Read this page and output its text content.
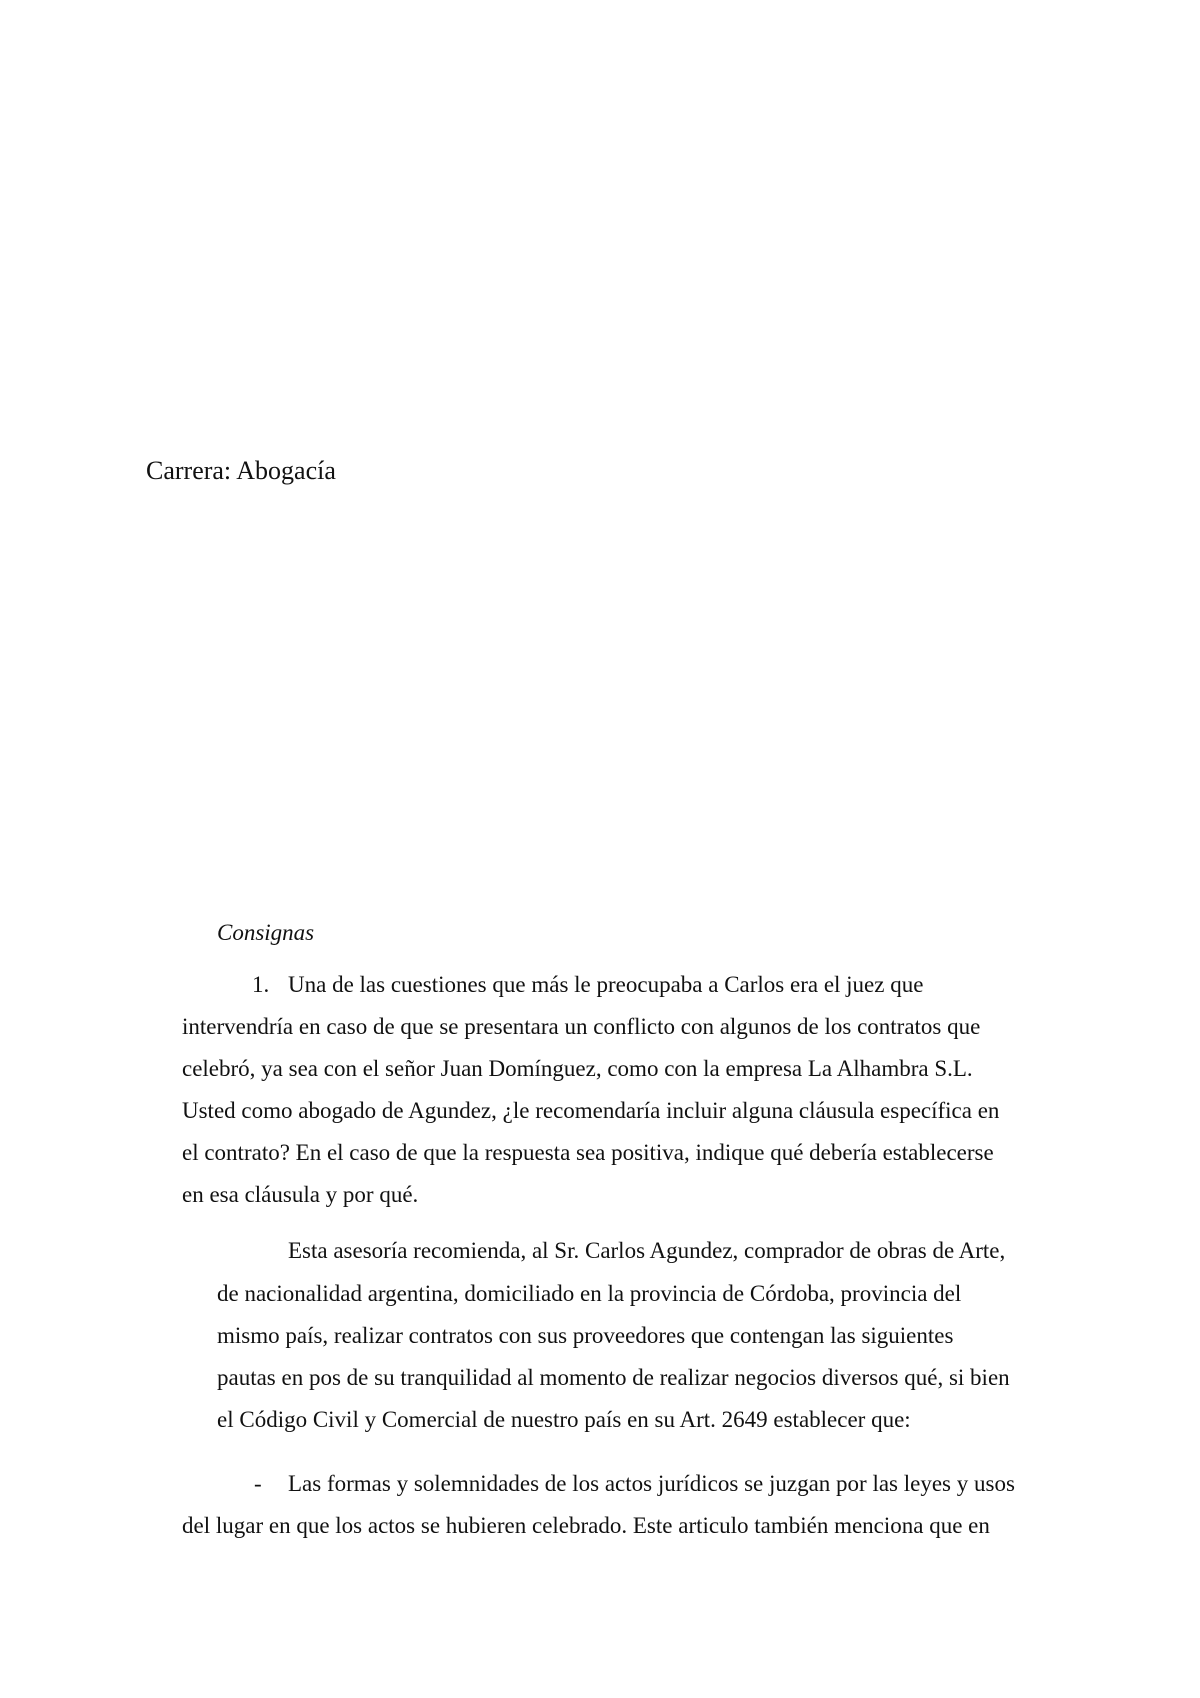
Carrera: Abogacía
Consignas
1. Una de las cuestiones que más le preocupaba a Carlos era el juez que
intervendría en caso de que se presentara un conflicto con algunos de los contratos que
celebró, ya sea con el señor Juan Domínguez, como con la empresa La Alhambra S.L.
Usted como abogado de Agundez, ¿le recomendaría incluir alguna cláusula específica en
el contrato? En el caso de que la respuesta sea positiva, indique qué debería establecerse
en esa cláusula y por qué.
Esta asesoría recomienda, al Sr. Carlos Agundez, comprador de obras de Arte,
de nacionalidad argentina, domiciliado en la provincia de Córdoba, provincia del
mismo país, realizar contratos con sus proveedores que contengan las siguientes
pautas en pos de su tranquilidad al momento de realizar negocios diversos qué, si bien
el Código Civil y Comercial de nuestro país en su Art. 2649 establecer que:
- Las formas y solemnidades de los actos jurídicos se juzgan por las leyes y usos
del lugar en que los actos se hubieren celebrado. Este articulo también menciona que en
